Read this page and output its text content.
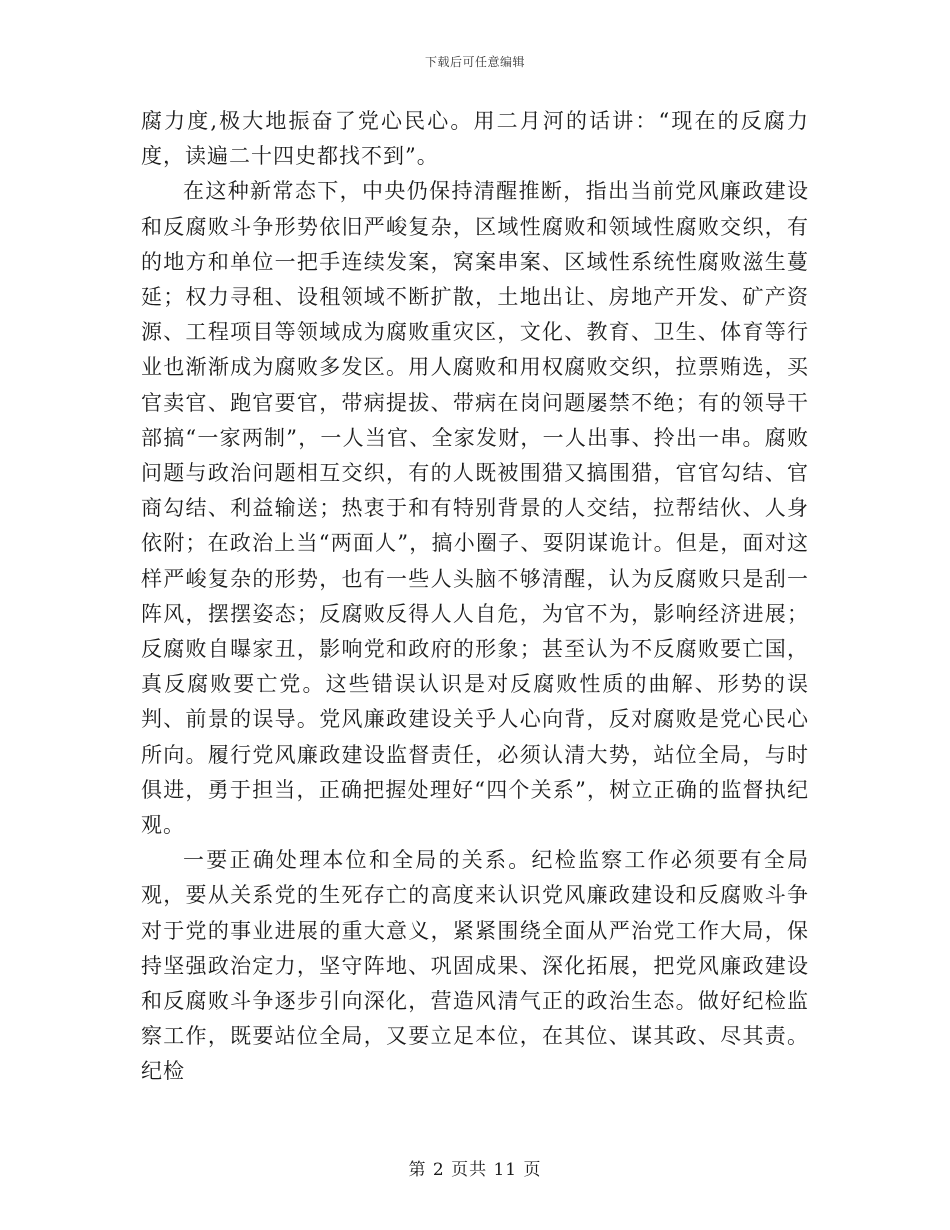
下载后可任意编辑

腐力度,极大地振奋了党心民心。用二月河的话讲：“现在的反腐力度，读遍二十四史都找不到”。

在这种新常态下，中央仍保持清醒推断，指出当前党风廉政建设和反腐败斗争形势依旧严峻复杂，区域性腐败和领域性腐败交织，有的地方和单位一把手连续发案，窝案串案、区域性系统性腐败滋生蔓延；权力寻租、设租领域不断扩散，土地出让、房地产开发、矿产资源、工程项目等领域成为腐败重灾区，文化、教育、卫生、体育等行业也渐渐成为腐败多发区。用人腐败和用权腐败交织，拉票贿选，买官卖官、跑官要官，带病提拔、带病在岗问题屡禁不绝；有的领导干部搞“一家两制”，一人当官、全家发财，一人出事、拎出一串。腐败问题与政治问题相互交织，有的人既被围猎又搞围猎，官官勾结、官商勾结、利益输送；热衷于和有特别背景的人交结，拉帮结伙、人身依附；在政治上当“两面人”，搞小圈子、耍阴谋诡计。但是，面对这样严峻复杂的形势，也有一些人头脑不够清醒，认为反腐败只是刮一阵风，摆摆姿态；反腐败反得人人自危，为官不为，影响经济进展；反腐败自曝家丑，影响党和政府的形象；甚至认为不反腐败要亡国，真反腐败要亡党。这些错误认识是对反腐败性质的曲解、形势的误判、前景的误导。党风廉政建设关乎人心向背，反对腐败是党心民心所向。履行党风廉政建设监督责任，必须认清大势，站位全局，与时俱进，勇于担当，正确把握处理好“四个关系”，树立正确的监督执纪观。

一要正确处理本位和全局的关系。纪检监察工作必须要有全局观，要从关系党的生死存亡的高度来认识党风廉政建设和反腐败斗争对于党的事业进展的重大意义，紧紧围绕全面从严治党工作大局，保持坚强政治定力，坚守阵地、巩固成果、深化拓展，把党风廉政建设和反腐败斗争逐步引向深化，营造风清气正的政治生态。做好纪检监察工作，既要站位全局，又要立足本位，在其位、谋其政、尽其责。纪检

第 2 页共 11 页
